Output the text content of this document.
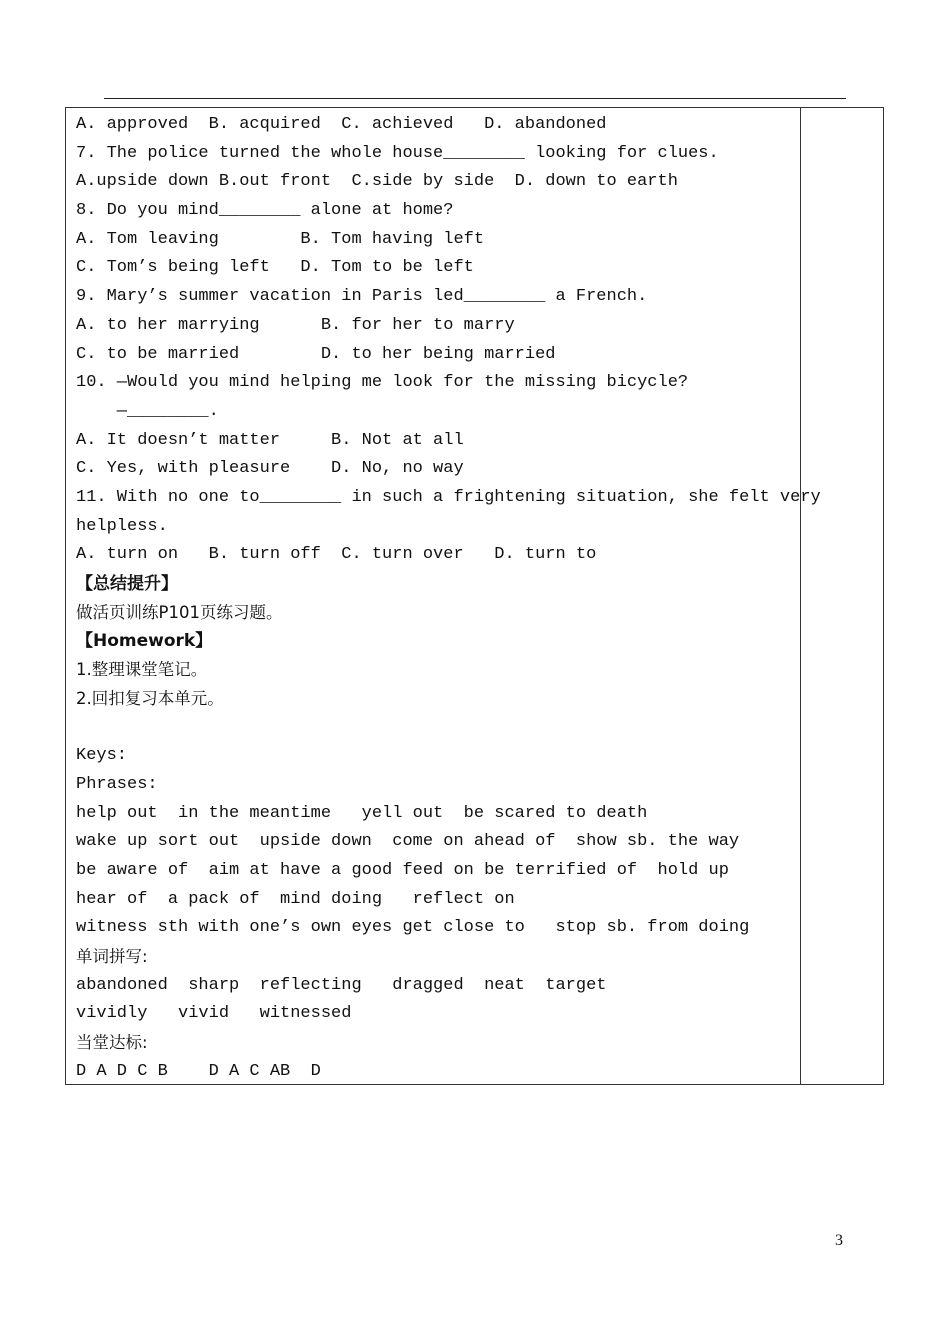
A. approved  B. acquired  C. achieved   D. abandoned
7. The police turned the whole house________ looking for clues.
A.upside down B.out front  C.side by side  D. down to earth
8. Do you mind________ alone at home?
A. Tom leaving        B. Tom having left
C. Tom’s being left   D. Tom to be left
9. Mary’s summer vacation in Paris led________ a French.
A. to her marrying      B. for her to marry
C. to be married        D. to her being married
10. —Would you mind helping me look for the missing bicycle?
—________.
A. It doesn’t matter     B. Not at all
C. Yes, with pleasure    D. No, no way
11. With no one to________ in such a frightening situation, she felt very
helpless.
A. turn on   B. turn off  C. turn over   D. turn to
【总结提升】
做活页训练P101页练习题。
【Homework】
1.整理课堂笔记。
2.回扣复习本单元。
Keys:
Phrases:
help out  in the meantime   yell out  be scared to death
wake up sort out  upside down  come on ahead of  show sb. the way
be aware of  aim at have a good feed on be terrified of  hold up
hear of  a pack of  mind doing   reflect on
witness sth with one’s own eyes get close to   stop sb. from doing
单词拼写:
abandoned  sharp  reflecting   dragged  neat  target
vividly   vivid   witnessed
当堂达标:
D A D C B    D A C AB  D
3
